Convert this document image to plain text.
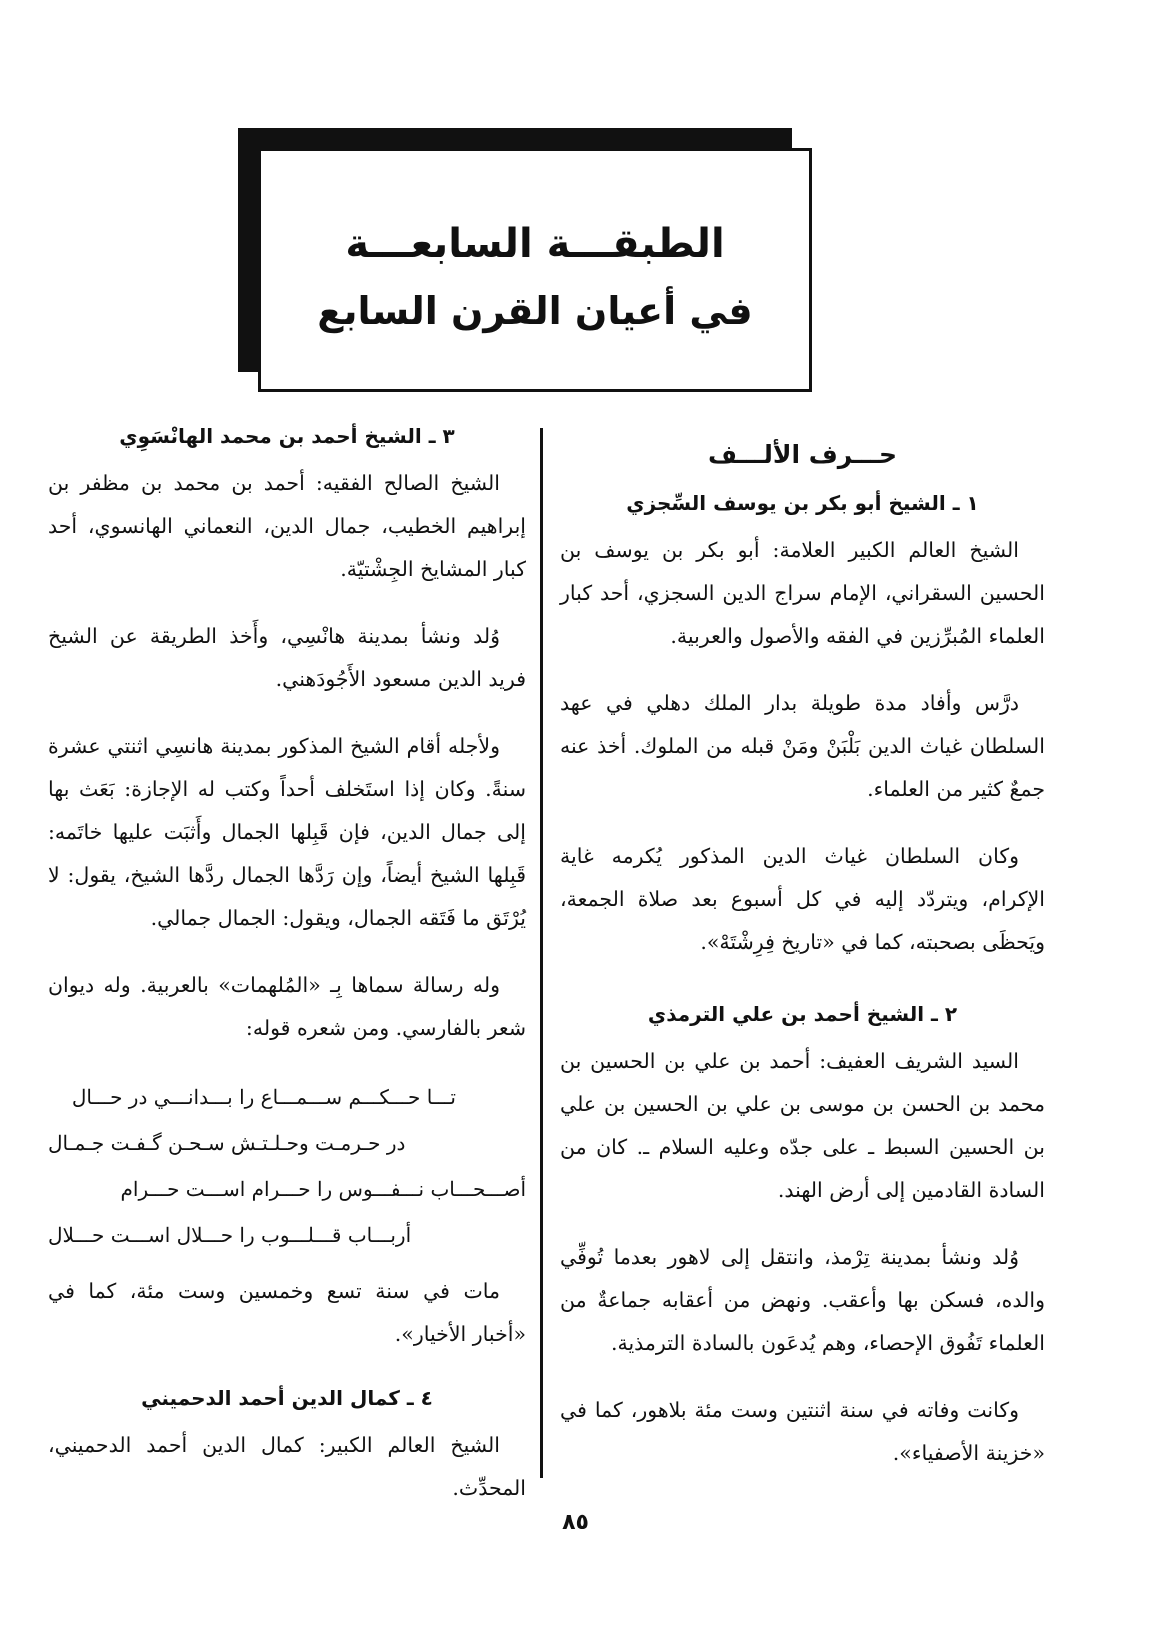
الطبقـــة السابعـــة
في أعيان القرن السابع
حـــرف الألـــف
١ ـ الشيخ أبو بكر بن يوسف السِّجزي

الشيخ العالم الكبير العلامة: أبو بكر بن يوسف بن الحسين السقراني، الإمام سراج الدين السجزي، أحد كبار العلماء المُبرِّزين في الفقه والأصول والعربية.

درَّس وأفاد مدة طويلة بدار الملك دهلي في عهد السلطان غياث الدين بَلْبَنْ ومَنْ قبله من الملوك. أخذ عنه جمعٌ كثير من العلماء.

وكان السلطان غياث الدين المذكور يُكرمه غاية الإكرام، ويتردّد إليه في كل أسبوع بعد صلاة الجمعة، ويَحظَى بصحبته، كما في «تاريخ فِرِشْتَهْ».

٢ ـ الشيخ أحمد بن علي الترمذي

السيد الشريف العفيف: أحمد بن علي بن الحسين بن محمد بن الحسن بن موسى بن علي بن الحسين بن علي بن الحسين السبط ـ على جدّه وعليه السلام ـ. كان من السادة القادمين إلى أرض الهند.

وُلد ونشأ بمدينة تِرْمذ، وانتقل إلى لاهور بعدما تُوفِّي والده، فسكن بها وأعقب. ونهض من أعقابه جماعةٌ من العلماء تَفُوق الإحصاء، وهم يُدعَون بالسادة الترمذية.

وكانت وفاته في سنة اثنتين وست مئة بلاهور، كما في «خزينة الأصفياء».

٣ ـ الشيخ أحمد بن محمد الهانْسَوِي

الشيخ الصالح الفقيه: أحمد بن محمد بن مظفر بن إبراهيم الخطيب، جمال الدين، النعماني الهانسوي، أحد كبار المشايخ الجِشْتيّة.

وُلد ونشأ بمدينة هانْسِي، وأَخذ الطريقة عن الشيخ فريد الدين مسعود الأَجُودَهني.

ولأجله أقام الشيخ المذكور بمدينة هانسِي اثنتي عشرة سنةً. وكان إذا استَخلف أحداً وكتب له الإجازة: بَعَث بها إلى جمال الدين، فإن قَبِلها الجمال وأَثبَت عليها خاتَمه: قَبِلها الشيخ أيضاً، وإن رَدَّها الجمال ردَّها الشيخ، يقول: لا يُرْتَق ما فَتَقه الجمال، ويقول: الجمال جمالي.

وله رسالة سماها بِـ «المُلهمات» بالعربية. وله ديوان شعر بالفارسي. ومن شعره قوله:

تـــا حـــكـــم ســـمـــاع را بـــدانـــي در حـــال
در حـرمـت وحـلـتـش سـحـن گـفـت جـمـال
أصـــحـــاب نـــفـــوس را حـــرام اســـت حـــرام
أربـــاب قـــلـــوب را حـــلال اســـت حـــلال

مات في سنة تسع وخمسين وست مئة، كما في «أخبار الأخيار».

٤ ـ كمال الدين أحمد الدحميني

الشيخ العالم الكبير: كمال الدين أحمد الدحميني، المحدِّث.

٨٥
